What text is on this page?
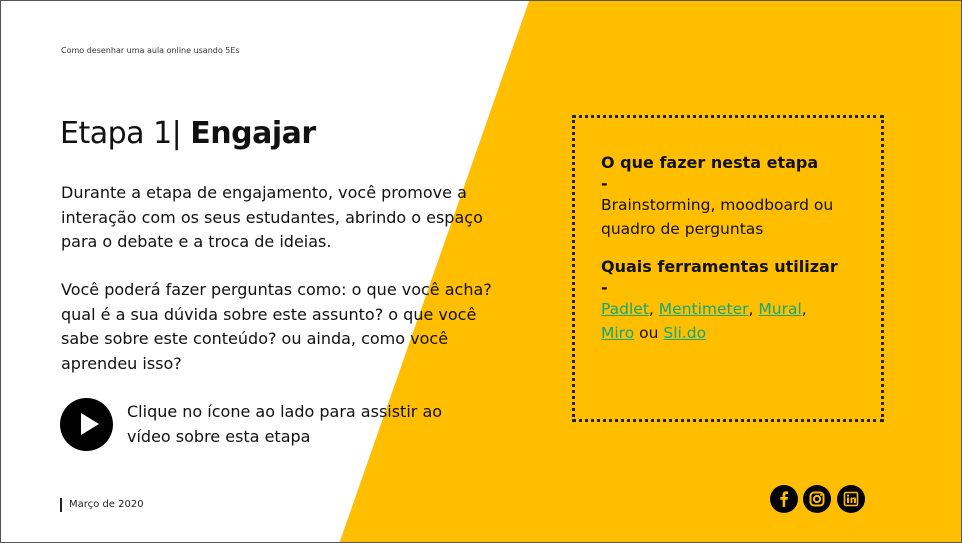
Como desenhar uma aula online usando 5Es
Etapa 1| Engajar

Durante a etapa de engajamento, você promove a interação com os seus estudantes, abrindo o espaço para o debate e a troca de ideias.

Você poderá fazer perguntas como: o que você acha? qual é a sua dúvida sobre este assunto? o que você sabe sobre este conteúdo? ou ainda, como você aprendeu isso?

Clique no ícone ao lado para assistir ao vídeo sobre esta etapa

Março de 2020
O que fazer nesta etapa
-
Brainstorming, moodboard ou quadro de perguntas
Quais ferramentas utilizar
-
Padlet, Mentimeter, Mural,
Miro ou Sli.do
